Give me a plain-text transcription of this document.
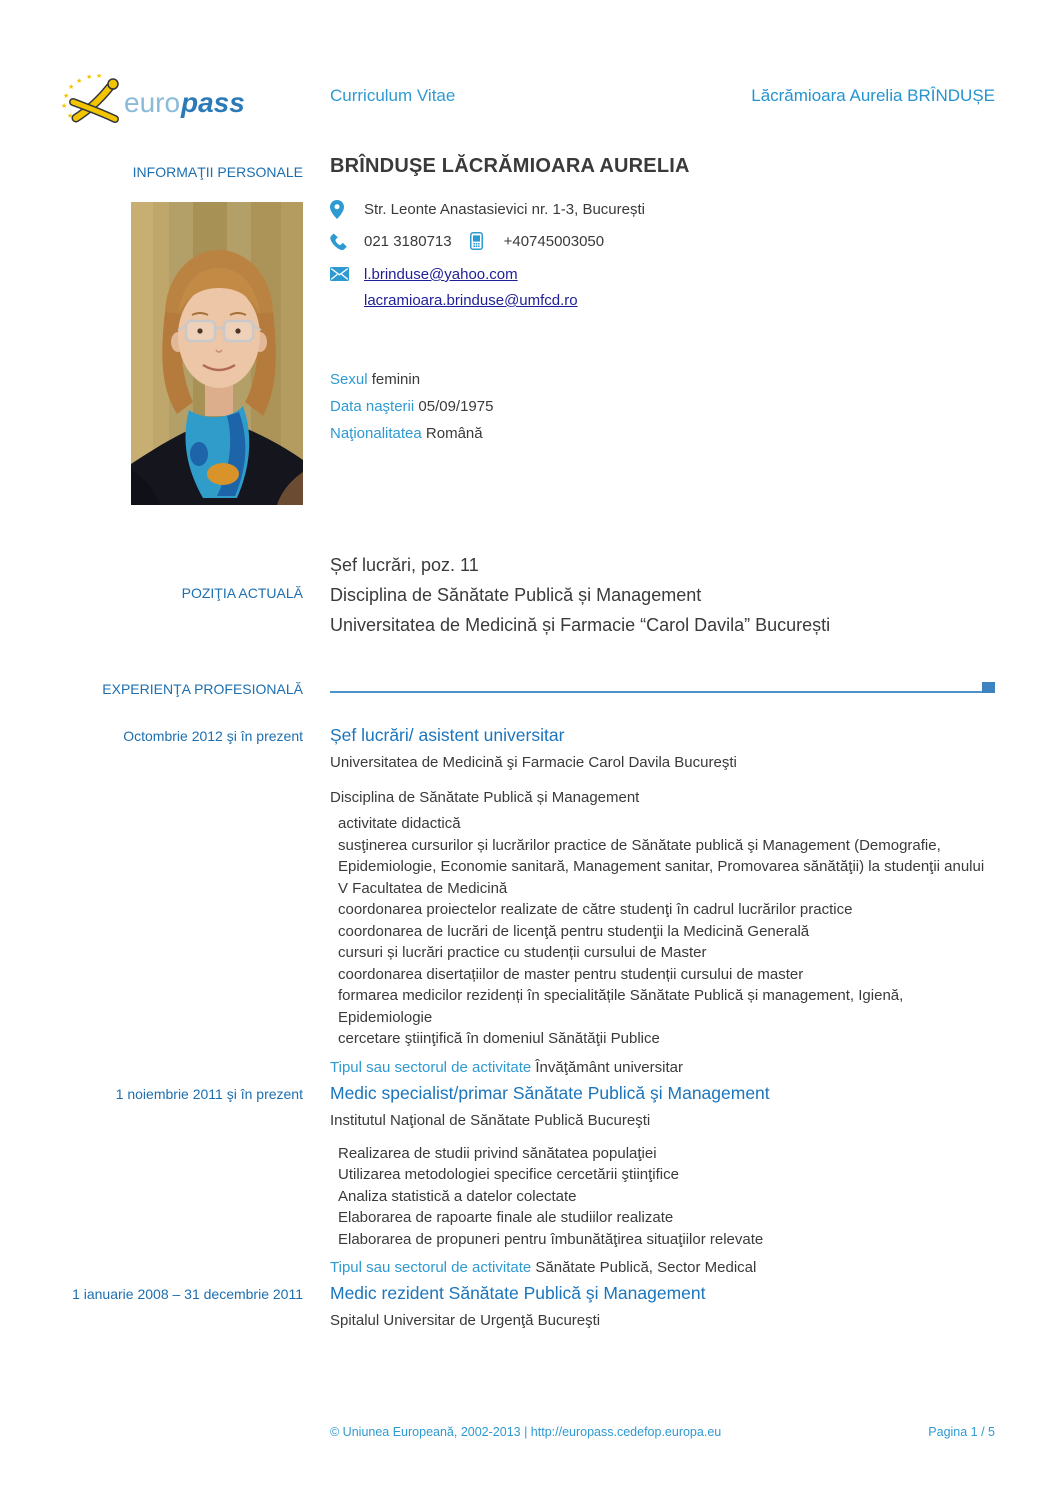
★
★
★
★ ★ ★
★ euro pass	Curriculum Vitae	Lăcrămioara Aurelia BRÎNDUȘE
INFORMAŢII PERSONALE BRÎNDUŞE LĂCRĂMIOARA AURELIA
Str. Leonte Anastasievici nr. 1-3, București
021 3180713	+40745003050
l.brinduse@yahoo.com
lacramioara.brinduse@umfcd.ro
Sexul feminin
Data naşterii 05/09/1975
Naţionalitatea Română
POZIŢIA ACTUALĂ
Șef lucrări, poz. 11
Disciplina de Sănătate Publică și Management
Universitatea de Medicină și Farmacie “Carol Davila” București
EXPERIENŢA PROFESIONALĂ
Octombrie 2012 şi în prezent Șef lucrări/ asistent universitar
Universitatea de Medicină şi Farmacie Carol Davila Bucureşti
Disciplina de Sănătate Publică și Management
activitate didactică
susţinerea cursurilor și lucrărilor practice de Sănătate publică şi Management (Demografie, Epidemiologie, Economie sanitară, Management sanitar, Promovarea sănătăţii) la studenţii anului V Facultatea de Medicină
coordonarea proiectelor realizate de către studenţi în cadrul lucrărilor practice
coordonarea de lucrări de licenţă pentru studenţii la Medicină Generală
cursuri și lucrări practice cu studenții cursului de Master
coordonarea disertațiilor de master pentru studenții cursului de master
formarea medicilor rezidenți în specialitățile Sănătate Publică și management, Igienă, Epidemiologie
cercetare ştiinţifică în domeniul Sănătăţii Publice
Tipul sau sectorul de activitate Învăţământ universitar
1 noiembrie 2011 şi în prezent Medic specialist/primar Sănătate Publică şi Management
Institutul Naţional de Sănătate Publică Bucureşti
Realizarea de studii privind sănătatea populaţiei
Utilizarea metodologiei specifice cercetării ştiinţifice
Analiza statistică a datelor colectate
Elaborarea de rapoarte finale ale studiilor realizate
Elaborarea de propuneri pentru îmbunătăţirea situaţiilor relevate
Tipul sau sectorul de activitate Sănătate Publică, Sector Medical
1 ianuarie 2008 – 31 decembrie 2011 Medic rezident Sănătate Publică şi Management
Spitalul Universitar de Urgenţă Bucureşti
© Uniunea Europeană, 2002-2013 | http://europass.cedefop.europa.eu	Pagina 1 / 5
